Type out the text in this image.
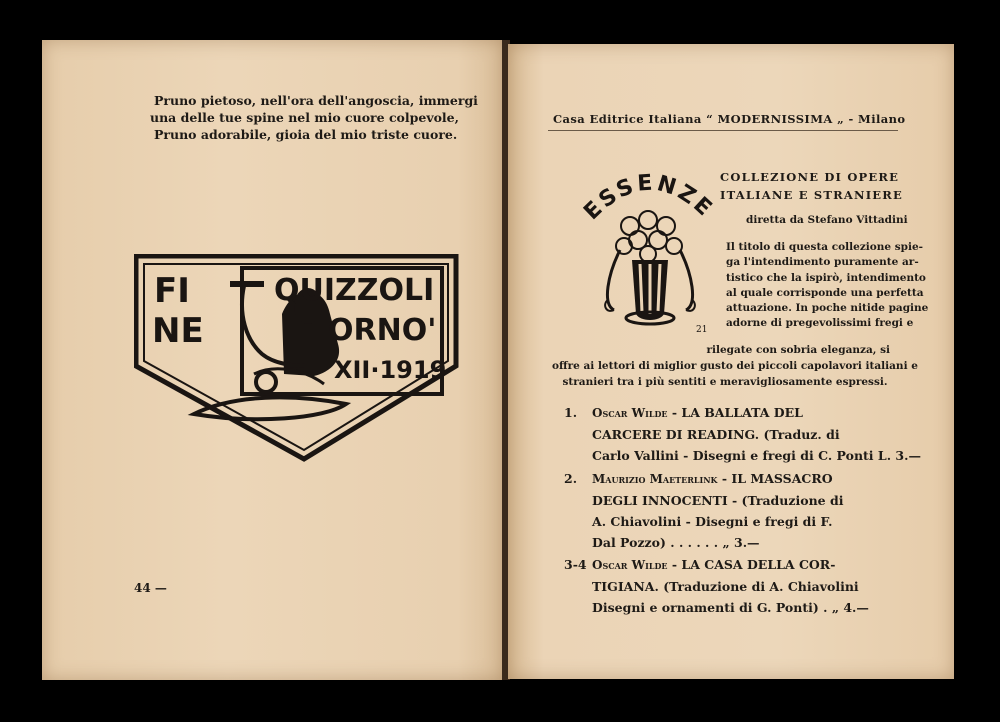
Pruno pietoso, nell'ora dell'angoscia, immergi
una delle tue spine nel mio cuore colpevole,
Pruno adorabile, gioia del mio triste cuore.
FI
NE
QUIZZOLI
ORNO'
XII·1919
44 —
Casa Editrice Italiana “ MODERNISSIMA „ - Milano
ESSENZE
21
COLLEZIONE DI OPERE
ITALIANE E STRANIERE
diretta da Stefano Vittadini
Il titolo di questa collezione spie-
ga l'intendimento puramente ar-
tistico che la ispirò, intendimento
al quale corrisponde una perfetta
attuazione. In poche nitide pagine
adorne di pregevolissimi fregi e
rilegate con sobria eleganza, si
offre ai lettori di miglior gusto dei piccoli capolavori italiani e
stranieri tra i più sentiti e meravigliosamente espressi.
1. Oscar Wilde - LA BALLATA DEL
CARCERE DI READING. (Traduz. di
Carlo Vallini - Disegni e fregi di C. Ponti L. 3.—
2. Maurizio Maeterlink - IL MASSACRO
DEGLI INNOCENTI - (Traduzione di
A. Chiavolini - Disegni e fregi di F.
Dal Pozzo) . . . . . . „ 3.—
3-4 Oscar Wilde - LA CASA DELLA COR-
TIGIANA. (Traduzione di A. Chiavolini
Disegni e ornamenti di G. Ponti) . „ 4.—
